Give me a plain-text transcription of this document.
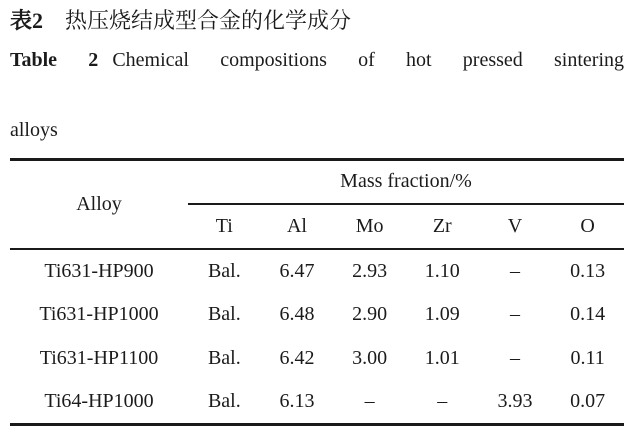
表2 热压烧结成型合金的化学成分
Table 2 Chemical compositions of hot pressed sintering
alloys
Alloy	Mass fraction/%					
	Ti	Al	Mo	Zr	V	O
Ti631-HP900	Bal.	6.47	2.93	1.10	–	0.13
Ti631-HP1000	Bal.	6.48	2.90	1.09	–	0.14
Ti631-HP1100	Bal.	6.42	3.00	1.01	–	0.11
Ti64-HP1000	Bal.	6.13	–	–	3.93	0.07
